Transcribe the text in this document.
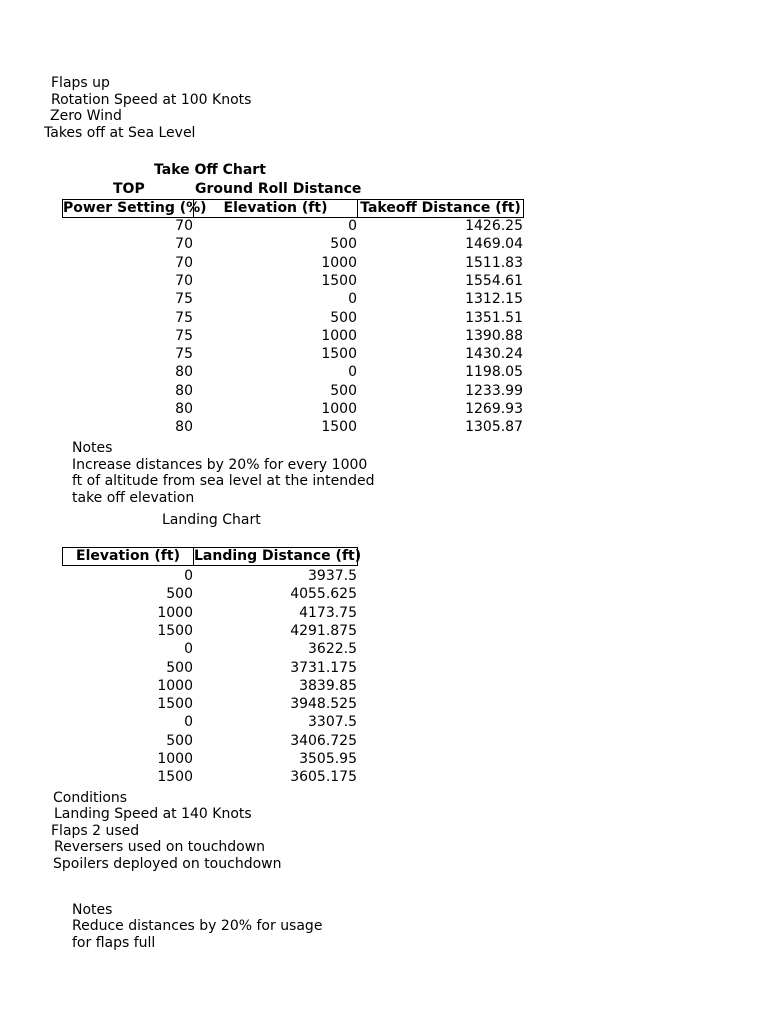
Flaps up
Rotation Speed at 100 Knots
Zero Wind
Takes off at Sea Level
Take Off Chart
TOP	Ground Roll Distance
Power Setting (%)	Elevation (ft)	Takeoff Distance (ft)
Notes
Increase distances by 20% for every 1000
ft of altitude from sea level at the intended
take off elevation
Landing Chart
Elevation (ft)	Landing Distance (ft)
Conditions
Landing Speed at 140 Knots
Flaps 2 used
Reversers used on touchdown
Spoilers deployed on touchdown
Notes
Reduce distances by 20% for usage
for flaps full
70	0	1426.25
70	500	1469.04
70	1000	1511.83
70	1500	1554.61
75	0	1312.15
75	500	1351.51
75	1000	1390.88
75	1500	1430.24
80	0	1198.05
80	500	1233.99
80	1000	1269.93
80	1500	1305.87
0	3937.5
500	4055.625
1000	4173.75
1500	4291.875
0	3622.5
500	3731.175
1000	3839.85
1500	3948.525
0	3307.5
500	3406.725
1000	3505.95
1500	3605.175
